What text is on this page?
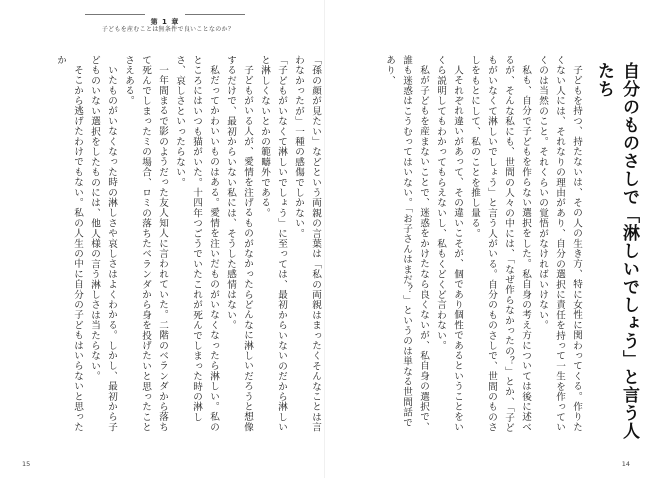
第 1 章
子どもを産むことは無条件で良いことなのか？

「孫の顔が見たい」などという両親の言葉は「私の両親はまったくそんなことは言わなかったが」一種の感傷でしかない。

「子どもがいなくて淋しいでしょう」に至っては、最初からいないのだから淋しいと淋しくないとかの範疇外である。

子どもがいる人が、愛情を注げるものがなかったらどんなに淋しいだろうと想像するだけで、最初からいない私には、そうした感情はない。

私だってかわいいものはある。愛情を注いだものがいなくなったら淋しい。私のところにはいつも猫がいた。十四年つごうでいたこれが死んでしまった時の淋しさ、哀しさといったらない。

一年間まるで影のようだった友人知人に言われていた。二階のベランダから落ちて死んでしまったミの場合、ロミの落ちたベランダから身を投げたいと思ったことさえある。

いたものがいなくなった時の淋しさや哀しさはよくわかる。しかし、最初から子どものいない選択をしたものには、他人様の言う淋しさは当たらない。

そこから逃げたわけでもない。私の人生の中に自分の子どもはいらないと思ったか

子どもを持つ、持たないは、その人の生き方、特に女性に関わってくる。作りたくない人には、それなりの理由があり、自分の選択に責任を持って一生を作っていくのは当然のこと。それくらいの覚悟がなければいけない。

私も、自分で子どもを作らない選択をした。私自身の考え方については後に述べるが、そんな私にも、世間の人々の中には、「なぜ作らなかったの？」とか、「子どもがいなくて淋しいでしょう」と言う人がいる。自分のものさしで、世間のものさしをもとにして、私のことを推し量る。

人それぞれ違いがあって、その違いこそが、個であり個性であるということをいくら説明してもわかってもらえないし、私もくどくど言わない。

私が子どもを産まないことで、迷惑をかけたなら良くないが、私自身の選択で、誰も迷惑はこうむってはいない。「お子さんはまだ？」というのは単なる世間話であり、	自分のものさしで「淋しいでしょう」と言う人たち
15	14
